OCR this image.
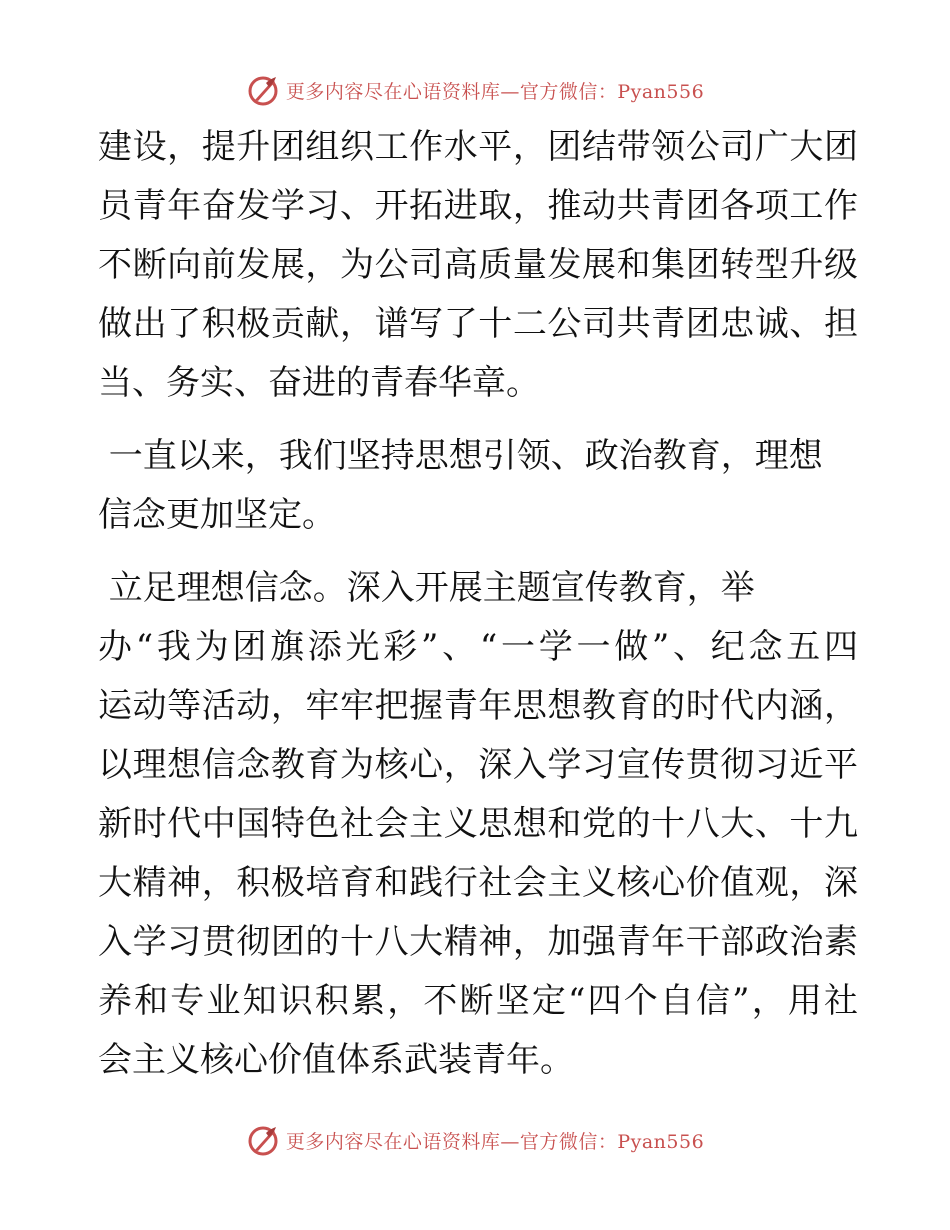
更多内容尽在心语资料库—官方微信：Pyan556
建设，提升团组织工作水平，团结带领公司广大团
员青年奋发学习、开拓进取，推动共青团各项工作
不断向前发展，为公司高质量发展和集团转型升级
做出了积极贡献，谱写了十二公司共青团忠诚、担
当、务实、奋进的青春华章。
一直以来，我们坚持思想引领、政治教育，理想
信念更加坚定。
立足理想信念。深入开展主题宣传教育，举
办“我为团旗添光彩”、“一学一做”、纪念五四
运动等活动，牢牢把握青年思想教育的时代内涵，
以理想信念教育为核心，深入学习宣传贯彻习近平
新时代中国特色社会主义思想和党的十八大、十九
大精神，积极培育和践行社会主义核心价值观，深
入学习贯彻团的十八大精神，加强青年干部政治素
养和专业知识积累，不断坚定“四个自信”，用社
会主义核心价值体系武装青年。
更多内容尽在心语资料库—官方微信：Pyan556
